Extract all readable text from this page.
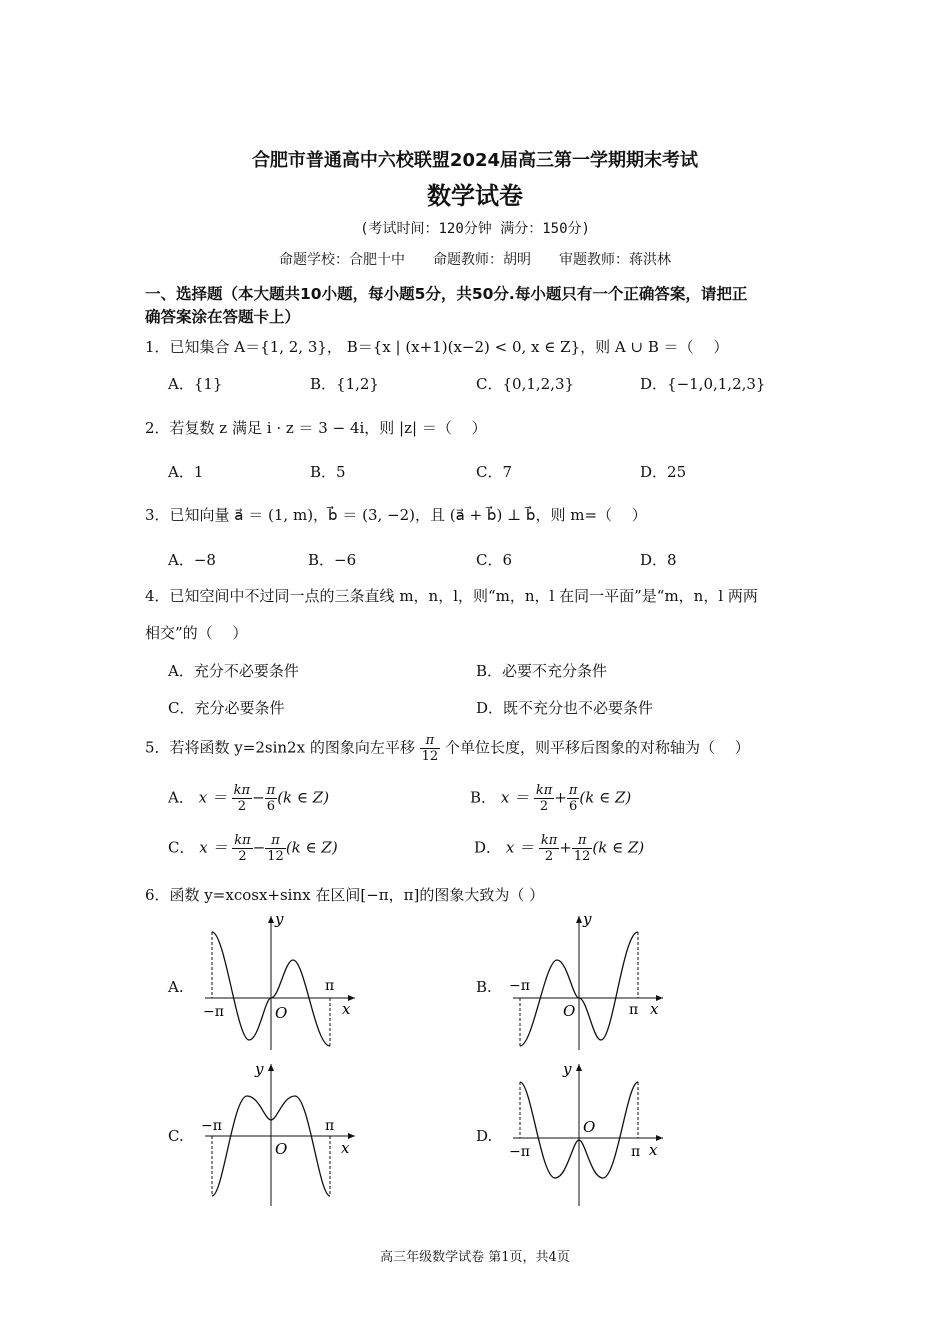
合肥市普通高中六校联盟2024届高三第一学期期末考试
数学试卷
(考试时间：120分钟 满分：150分)
命题学校：合肥十中　　命题教师：胡明　　审题教师：蒋洪林
一、选择题（本大题共10小题，每小题5分，共50分.每小题只有一个正确答案，请把正
确答案涂在答题卡上）
1．已知集合 A＝{1, 2, 3}， B＝{x | (x+1)(x−2) < 0, x ∈ Z}，则 A ∪ B ＝（　 ）
A．{1}	B．{1,2}	C．{0,1,2,3}	D．{−1,0,1,2,3}
2．若复数 z 满足 i · z ＝ 3 − 4i，则 |z| ＝（　 ）
A．1	B．5	C．7	D．25
3．已知向量 a⃗ ＝ (1, m)，b⃗ ＝ (3, −2)，且 (a⃗ + b⃗) ⊥ b⃗，则 m=（　 ）
A．−8	B．−6	C．6	D．8
4．已知空间中不过同一点的三条直线 m，n，l，则“m，n，l 在同一平面”是“m，n，l 两两
相交”的（　 ）
A．充分不必要条件	B．必要不充分条件
C．充分必要条件	D．既不充分也不必要条件
5．若将函数 y=2sin2x 的图象向左平移 $\frac{\pi}{12}$ 个单位长度，则平移后图象的对称轴为（　 ）
A． $x = \frac{k\pi}{2} - \frac{\pi}{6} (k$ ∈ Z)	B． $x = \frac{k\pi}{2} + \frac{\pi}{6} (k$ ∈ Z)
C． $x = \frac{k\pi}{2} - \frac{\pi}{12} (k$ ∈ Z)	D． $x = \frac{k\pi}{2} + \frac{\pi}{12} (k$ ∈ Z)
6．函数 y=xcosx+sinx 在区间[−π，π]的图象大致为（ ）
A.	B.
C.	D.
y
x
O
−π
π
y
x
O
−π
π
y
x
O
−π	π
y
x
O
−π	π
高三年级数学试卷 第1页，共4页
